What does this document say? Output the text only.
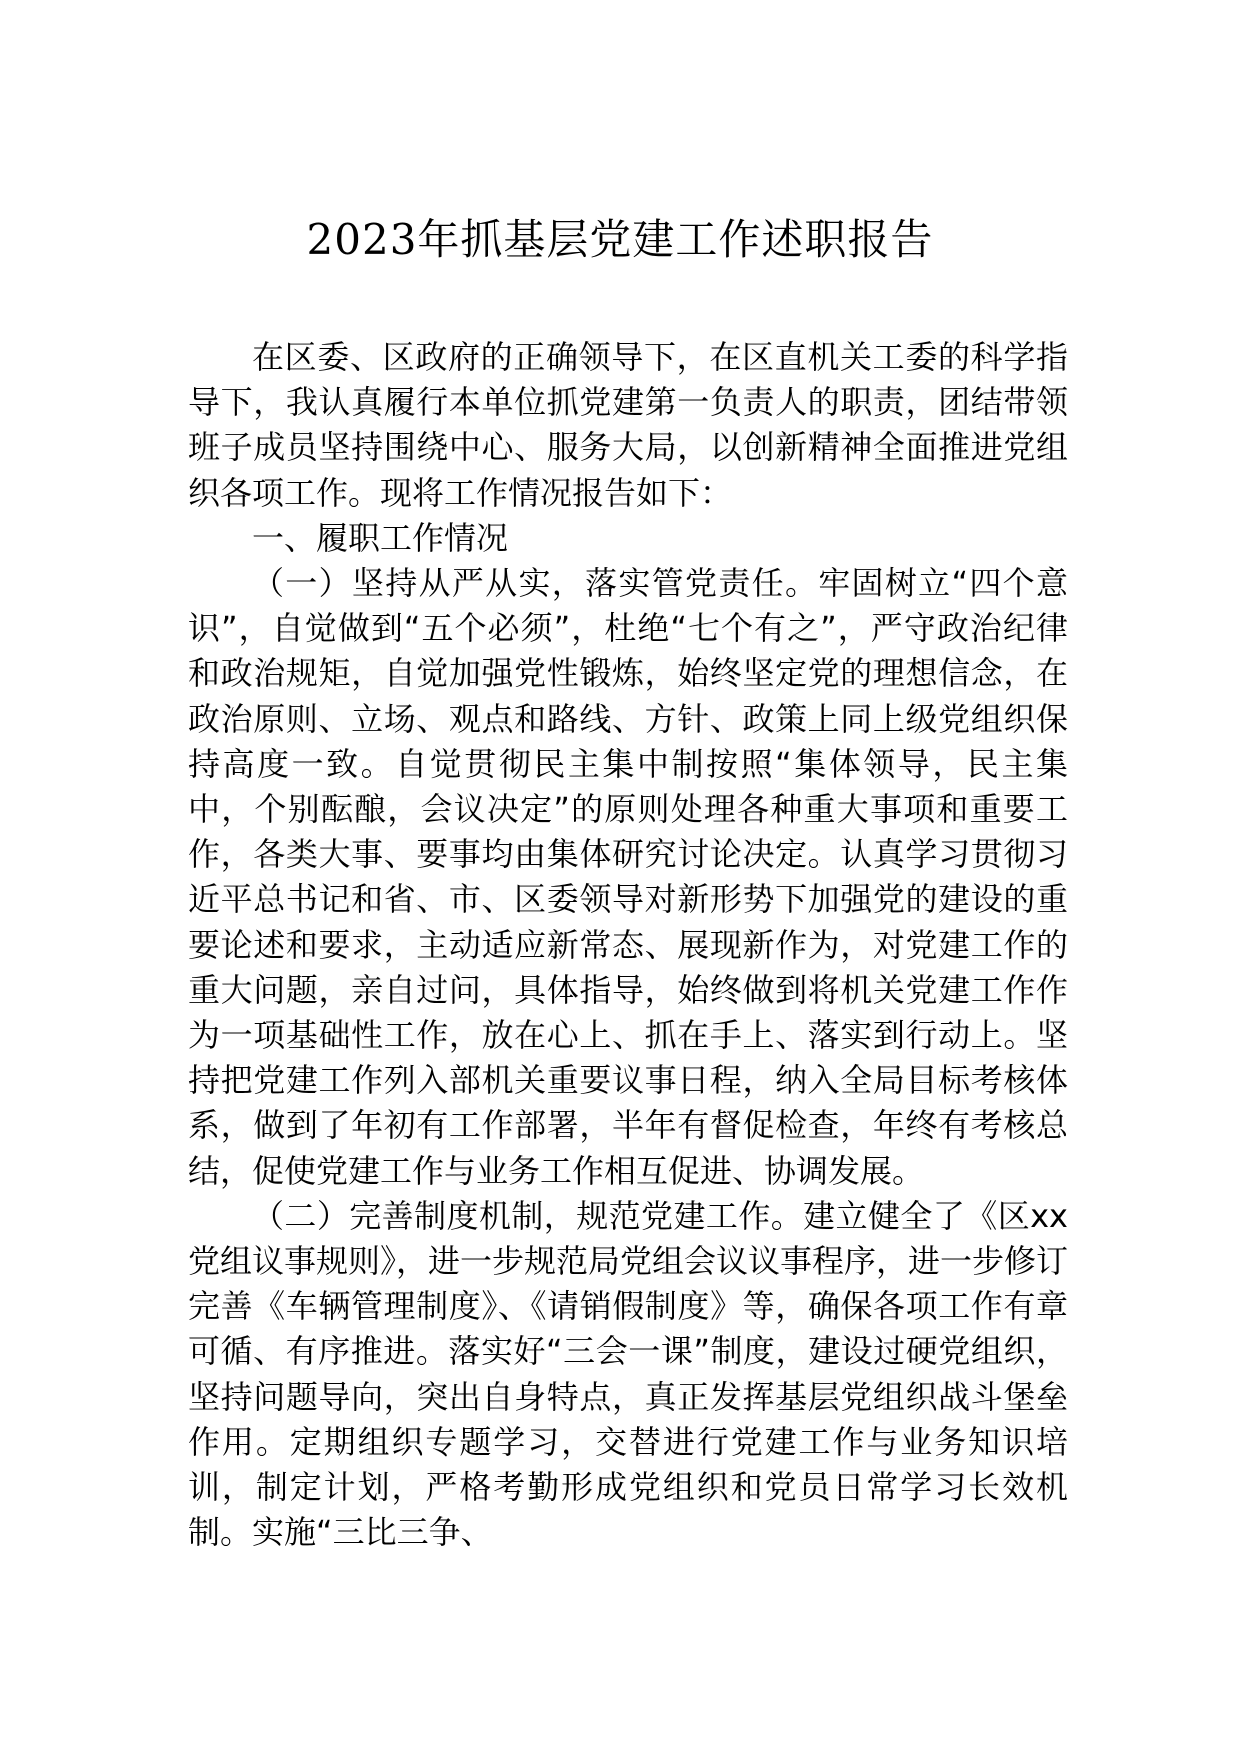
2023年抓基层党建工作述职报告

在区委、区政府的正确领导下，在区直机关工委的科学指导下，我认真履行本单位抓党建第一负责人的职责，团结带领班子成员坚持围绕中心、服务大局，以创新精神全面推进党组织各项工作。现将工作情况报告如下：

一、履职工作情况

（一）坚持从严从实，落实管党责任。牢固树立“四个意识”，自觉做到“五个必须”，杜绝“七个有之”，严守政治纪律和政治规矩，自觉加强党性锻炼，始终坚定党的理想信念，在政治原则、立场、观点和路线、方针、政策上同上级党组织保持高度一致。自觉贯彻民主集中制按照“集体领导，民主集中，个别酝酿，会议决定”的原则处理各种重大事项和重要工作，各类大事、要事均由集体研究讨论决定。认真学习贯彻习近平总书记和省、市、区委领导对新形势下加强党的建设的重要论述和要求，主动适应新常态、展现新作为，对党建工作的重大问题，亲自过问，具体指导，始终做到将机关党建工作作为一项基础性工作，放在心上、抓在手上、落实到行动上。坚持把党建工作列入部机关重要议事日程，纳入全局目标考核体系，做到了年初有工作部署，半年有督促检查，年终有考核总结，促使党建工作与业务工作相互促进、协调发展。

（二）完善制度机制，规范党建工作。建立健全了《区xx党组议事规则》，进一步规范局党组会议议事程序，进一步修订完善《车辆管理制度》、《请销假制度》等，确保各项工作有章可循、有序推进。落实好“三会一课”制度，建设过硬党组织，坚持问题导向，突出自身特点，真正发挥基层党组织战斗堡垒作用。定期组织专题学习，交替进行党建工作与业务知识培训，制定计划，严格考勤形成党组织和党员日常学习长效机制。实施“三比三争、
